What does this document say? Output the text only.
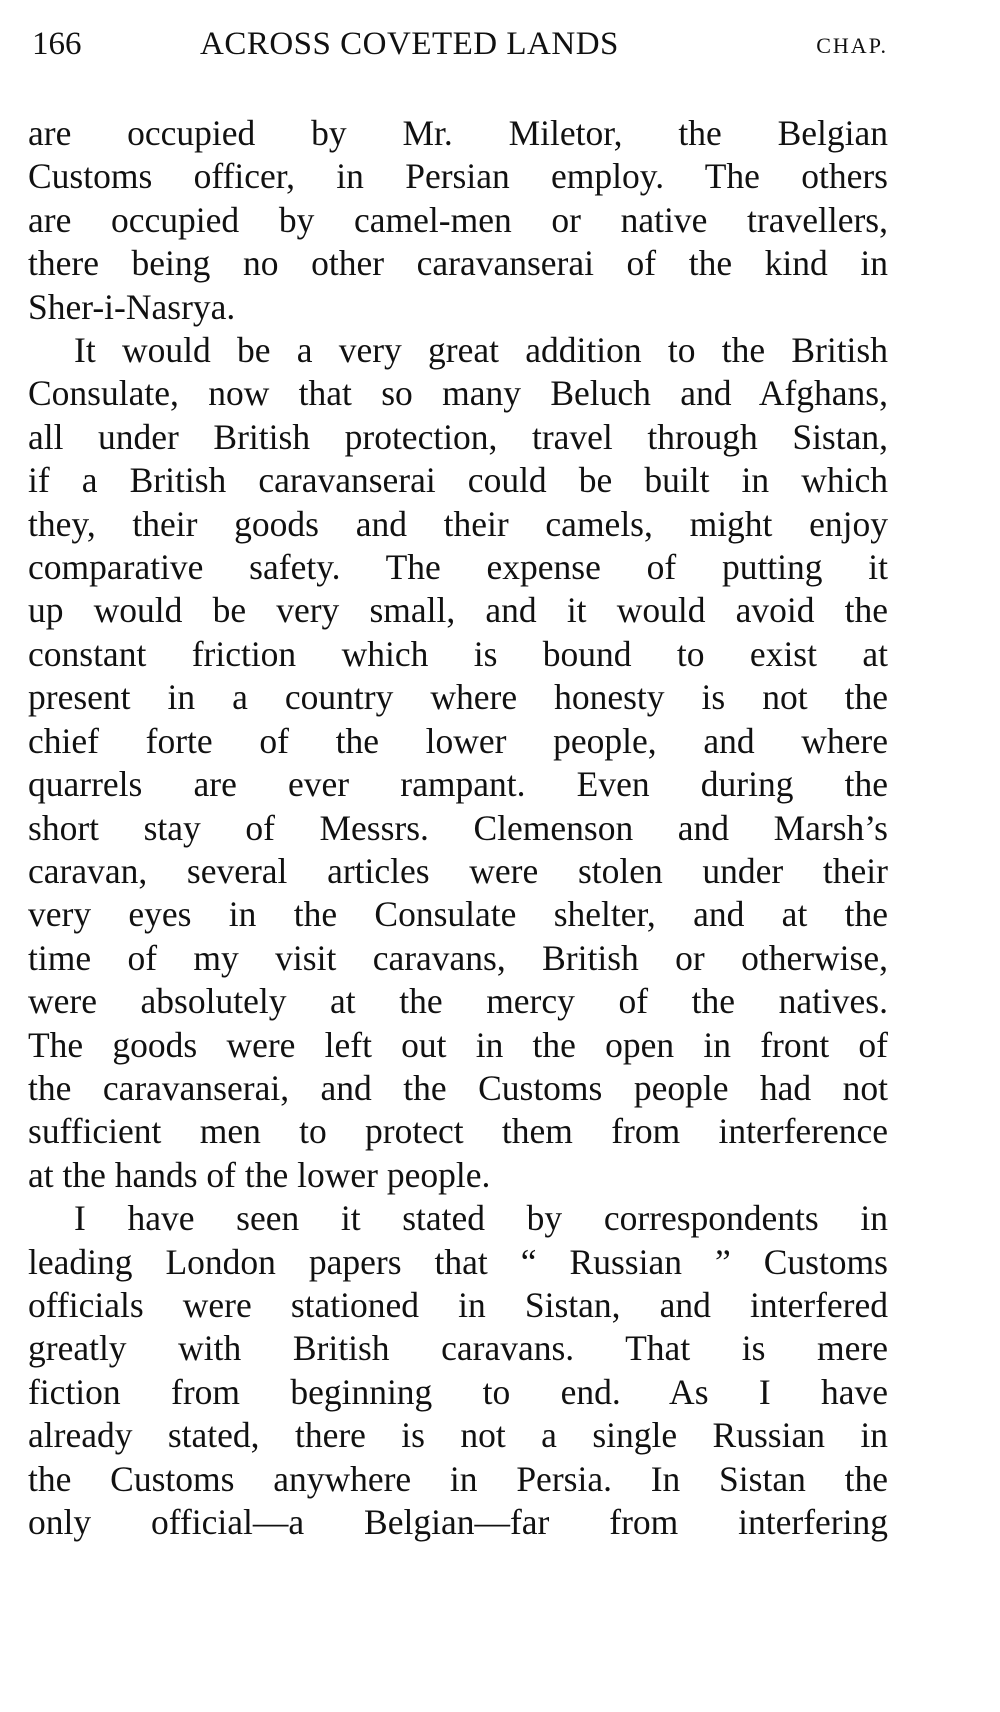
166	ACROSS COVETED LANDS	CHAP.

are occupied by Mr. Miletor, the Belgian
Customs officer, in Persian employ. The others
are occupied by camel-men or native travellers,
there being no other caravanserai of the kind in
Sher-i-Nasrya.

It would be a very great addition to the British
Consulate, now that so many Beluch and Afghans,
all under British protection, travel through Sistan,
if a British caravanserai could be built in which
they, their goods and their camels, might enjoy
comparative safety. The expense of putting it
up would be very small, and it would avoid the
constant friction which is bound to exist at
present in a country where honesty is not the
chief forte of the lower people, and where
quarrels are ever rampant. Even during the
short stay of Messrs. Clemenson and Marsh’s
caravan, several articles were stolen under their
very eyes in the Consulate shelter, and at the
time of my visit caravans, British or otherwise,
were absolutely at the mercy of the natives.
The goods were left out in the open in front of
the caravanserai, and the Customs people had not
sufficient men to protect them from interference
at the hands of the lower people.

I have seen it stated by correspondents in
leading London papers that “ Russian ” Customs
officials were stationed in Sistan, and interfered
greatly with British caravans. That is mere
fiction from beginning to end. As I have
already stated, there is not a single Russian in
the Customs anywhere in Persia. In Sistan the
only official—a Belgian—far from interfering
